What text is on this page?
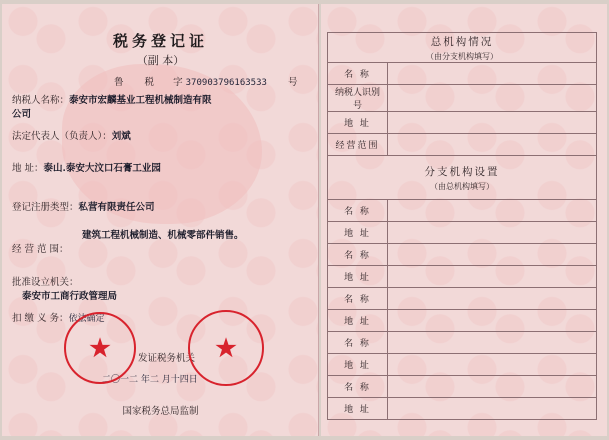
税务登记证
（副 本）
鲁 税 字 370903796163533 号
纳税人名称：泰安市宏麟基业工程机械制造有限
公司
法定代表人（负责人）：刘斌
地 址：泰山.泰安大汶口石膏工业园
登记注册类型：私营有限责任公司
建筑工程机械制造、机械零部件销售。
经 营 范 围：
批准设立机关：
泰安市工商行政管理局
扣 缴 义 务：依法确定
发证税务机关
二〇一二 年二 月十四日
★	★
国家税务总局监制
总机构情况
（由分支机构填写）	

名 称	
纳税人识别号	
地 址	
经营范围	

分支机构设置
（由总机构填写）	

名 称	
地 址	
名 称	
地 址	
名 称	
地 址	
名 称	
地 址	
名 称	
地 址	
